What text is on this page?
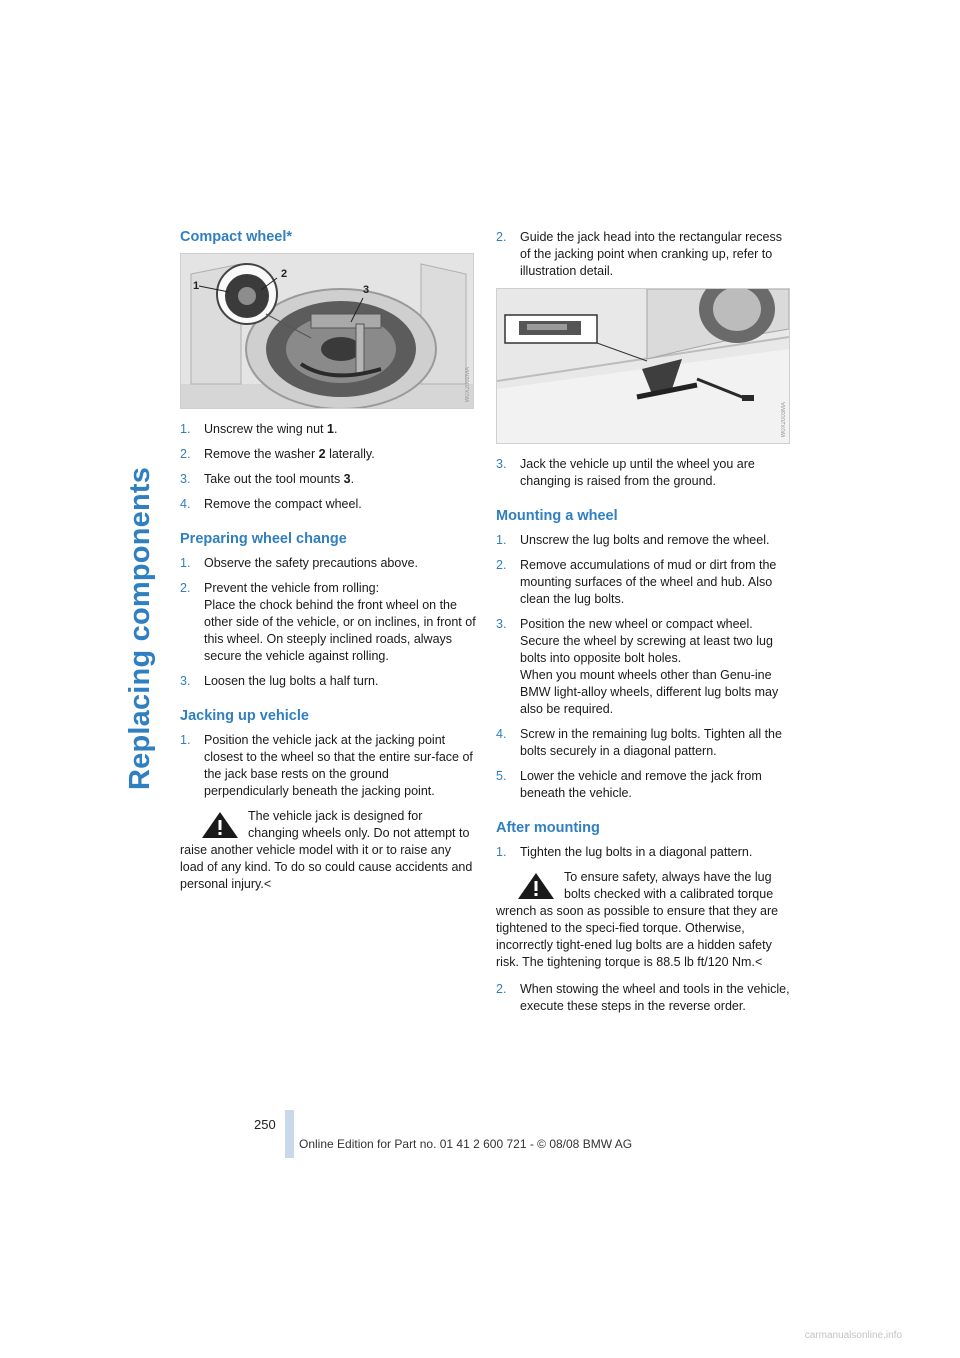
Replacing components
Compact wheel*
1
2
3
W0X2002MA
1. Unscrew the wing nut 1.
2. Remove the washer 2 laterally.
3. Take out the tool mounts 3.
4. Remove the compact wheel.
Preparing wheel change
1. Observe the safety precautions above.
2. Prevent the vehicle from rolling:
Place the chock behind the front wheel on the other side of the vehicle, or on inclines, in front of this wheel. On steeply inclined roads, always secure the vehicle against rolling.
3. Loosen the lug bolts a half turn.
Jacking up vehicle
1. Position the vehicle jack at the jacking point closest to the wheel so that the entire sur-face of the jack base rests on the ground perpendicularly beneath the jacking point.

The vehicle jack is designed for changing wheels only. Do not attempt to raise another vehicle model with it or to raise any load of any kind. To do so could cause accidents and personal injury.<

2. Guide the jack head into the rectangular recess of the jacking point when cranking up, refer to illustration detail.
W0X2003MA
3. Jack the vehicle up until the wheel you are changing is raised from the ground.
Mounting a wheel
1. Unscrew the lug bolts and remove the wheel.
2. Remove accumulations of mud or dirt from the mounting surfaces of the wheel and hub. Also clean the lug bolts.
3. Position the new wheel or compact wheel. Secure the wheel by screwing at least two lug bolts into opposite bolt holes.
When you mount wheels other than Genu-ine BMW light-alloy wheels, different lug bolts may also be required.
4. Screw in the remaining lug bolts. Tighten all the bolts securely in a diagonal pattern.
5. Lower the vehicle and remove the jack from beneath the vehicle.
After mounting
1. Tighten the lug bolts in a diagonal pattern.

To ensure safety, always have the lug bolts checked with a calibrated torque wrench as soon as possible to ensure that they are tightened to the speci-fied torque. Otherwise, incorrectly tight-ened lug bolts are a hidden safety risk. The tightening torque is 88.5 lb ft/120 Nm.<

2. When stowing the wheel and tools in the vehicle, execute these steps in the reverse order.
250
Online Edition for Part no. 01 41 2 600 721 - © 08/08 BMW AG
carmanualsonline.info
